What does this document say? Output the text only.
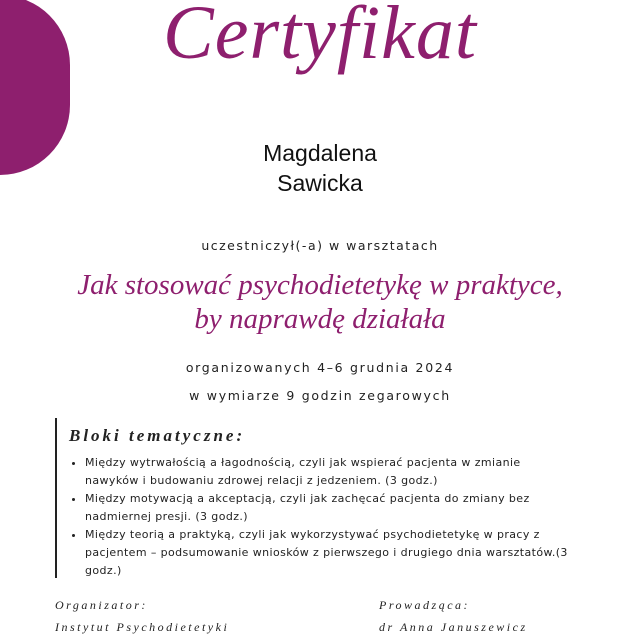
Certyfikat
Magdalena
Sawicka
uczestniczył(-a) w warsztatach
Jak stosować psychodietetykę w praktyce,
by naprawdę działała
organizowanych 4–6 grudnia 2024
w wymiarze 9 godzin zegarowych
Bloki tematyczne:
• Między wytrwałością a łagodnością, czyli jak wspierać pacjenta w zmianie nawyków i budowaniu zdrowej relacji z jedzeniem. (3 godz.)
• Między motywacją a akceptacją, czyli jak zachęcać pacjenta do zmiany bez nadmiernej presji. (3 godz.)
• Między teorią a praktyką, czyli jak wykorzystywać psychodietetykę w pracy z pacjentem – podsumowanie wniosków z pierwszego i drugiego dnia warsztatów.(3 godz.)
Organizator:
Instytut Psychodietetyki
Prowadząca:
dr Anna Januszewicz
